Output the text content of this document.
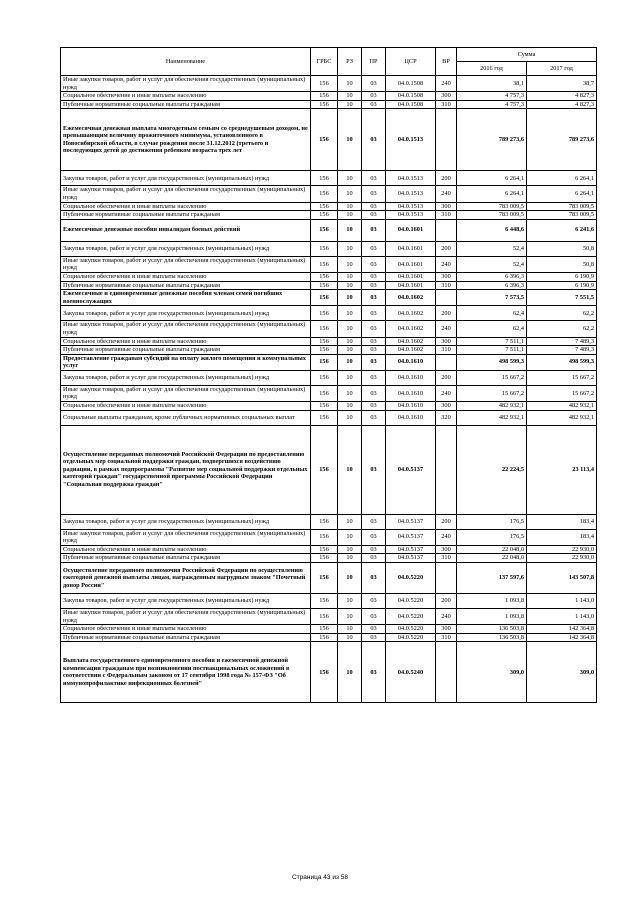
Наименование	ГРБС	РЗ	ПР	ЦСР	ВР	Сумма	
						2016 год	2017 год
Иные закупки товаров, работ и услуг для обеспечения государственных (муниципальных) нужд	156	10	03	04.0.1508	240	38,1	38,7
Социальное обеспечение и иные выплаты населению	156	10	03	04.0.1508	300	4 757,3	4 827,3
Публичные нормативные социальные выплаты гражданам	156	10	03	04.0.1508	310	4 757,3	4 827,3
Ежемесячная денежная выплата многодетным семьям со среднедушевым доходом, не превышающим величину прожиточного минимума, установленного в Новосибирской области, в случае рождения после 31.12.2012 (третьего и последующих детей до достижения ребенком возраста трех лет	156	10	03	04.0.1513		789 273,6	789 273,6
Закупка товаров, работ и услуг для государственных (муниципальных) нужд	156	10	03	04.0.1513	200	6 264,1	6 264,1
Иные закупки товаров, работ и услуг для обеспечения государственных (муниципальных) нужд	156	10	03	04.0.1513	240	6 264,1	6 264,1
Социальное обеспечение и иные выплаты населению	156	10	03	04.0.1513	300	783 009,5	783 009,5
Публичные нормативные социальные выплаты гражданам	156	10	03	04.0.1513	310	783 009,5	783 009,5
Ежемесячные денежные пособия инвалидам боевых действий	156	10	03	04.0.1601		6 448,6	6 241,6
Закупка товаров, работ и услуг для государственных (муниципальных) нужд	156	10	03	04.0.1601	200	52,4	50,8
Иные закупки товаров, работ и услуг для обеспечения государственных (муниципальных) нужд	156	10	03	04.0.1601	240	52,4	50,8
Социальное обеспечение и иные выплаты населению	156	10	03	04.0.1601	300	6 396,3	6 190,9
Публичные нормативные социальные выплаты гражданам	156	10	03	04.0.1601	310	6 396,3	6 190,9
Ежемесячные и единовременные денежные пособия членам семей погибших военнослужащих	156	10	03	04.0.1602		7 573,5	7 551,5
Закупка товаров, работ и услуг для государственных (муниципальных) нужд	156	10	03	04.0.1602	200	62,4	62,2
Иные закупки товаров, работ и услуг для обеспечения государственных (муниципальных) нужд	156	10	03	04.0.1602	240	62,4	62,2
Социальное обеспечение и иные выплаты населению	156	10	03	04.0.1602	300	7 511,1	7 489,3
Публичные нормативные социальные выплаты гражданам	156	10	03	04.0.1602	310	7 511,1	7 489,3
Предоставление гражданам субсидий на оплату жилого помещения и коммунальных услуг	156	10	03	04.0.1610		498 599,3	498 599,3
Закупка товаров, работ и услуг для государственных (муниципальных) нужд	156	10	03	04.0.1610	200	15 667,2	15 667,2
Иные закупки товаров, работ и услуг для обеспечения государственных (муниципальных) нужд	156	10	03	04.0.1610	240	15 667,2	15 667,2
Социальное обеспечение и иные выплаты населению	156	10	03	04.0.1610	300	482 932,1	482 932,1
Социальные выплаты гражданам, кроме публичных нормативных социальных выплат	156	10	03	04.0.1610	320	482 932,1	482 932,1
Осуществление переданных полномочий Российской Федерации по предоставлению отдельных мер социальной поддержки граждан, подвергшихся воздействию радиации, в рамках подпрограммы "Развитие мер социальной поддержки отдельных категорий граждан" государственной программы Российской Федерации "Социальная поддержка граждан"	156	10	03	04.0.5137		22 224,5	23 113,4
Закупка товаров, работ и услуг для государственных (муниципальных) нужд	156	10	03	04.0.5137	200	176,5	183,4
Иные закупки товаров, работ и услуг для обеспечения государственных (муниципальных) нужд	156	10	03	04.0.5137	240	176,5	183,4
Социальное обеспечение и иные выплаты населению	156	10	03	04.0.5137	300	22 048,0	22 930,0
Публичные нормативные социальные выплаты гражданам	156	10	03	04.0.5137	310	22 048,0	22 930,0
Осуществление переданного полномочия Российской Федерации по осуществлению ежегодной денежной выплаты лицам, награжденным нагрудным знаком "Почетный донор России"	156	10	03	04.0.5220		137 597,6	143 507,8
Закупка товаров, работ и услуг для государственных (муниципальных) нужд	156	10	03	04.0.5220	200	1 093,8	1 143,0
Иные закупки товаров, работ и услуг для обеспечения государственных (муниципальных) нужд	156	10	03	04.0.5220	240	1 093,8	1 143,0
Социальное обеспечение и иные выплаты населению	156	10	03	04.0.5220	300	136 503,8	142 364,8
Публичные нормативные социальные выплаты гражданам	156	10	03	04.0.5220	310	136 503,8	142 364,8
Выплата государственного единовременного пособия и ежемесячной денежной компенсации гражданам при возникновении поствакцинальных осложнений в соответствии с Федеральным законом от 17 сентября 1998 года № 157-ФЗ "Об иммунопрофилактике инфекционных болезней"	156	10	03	04.0.5240		309,0	309,0
Страница 43 из 58
